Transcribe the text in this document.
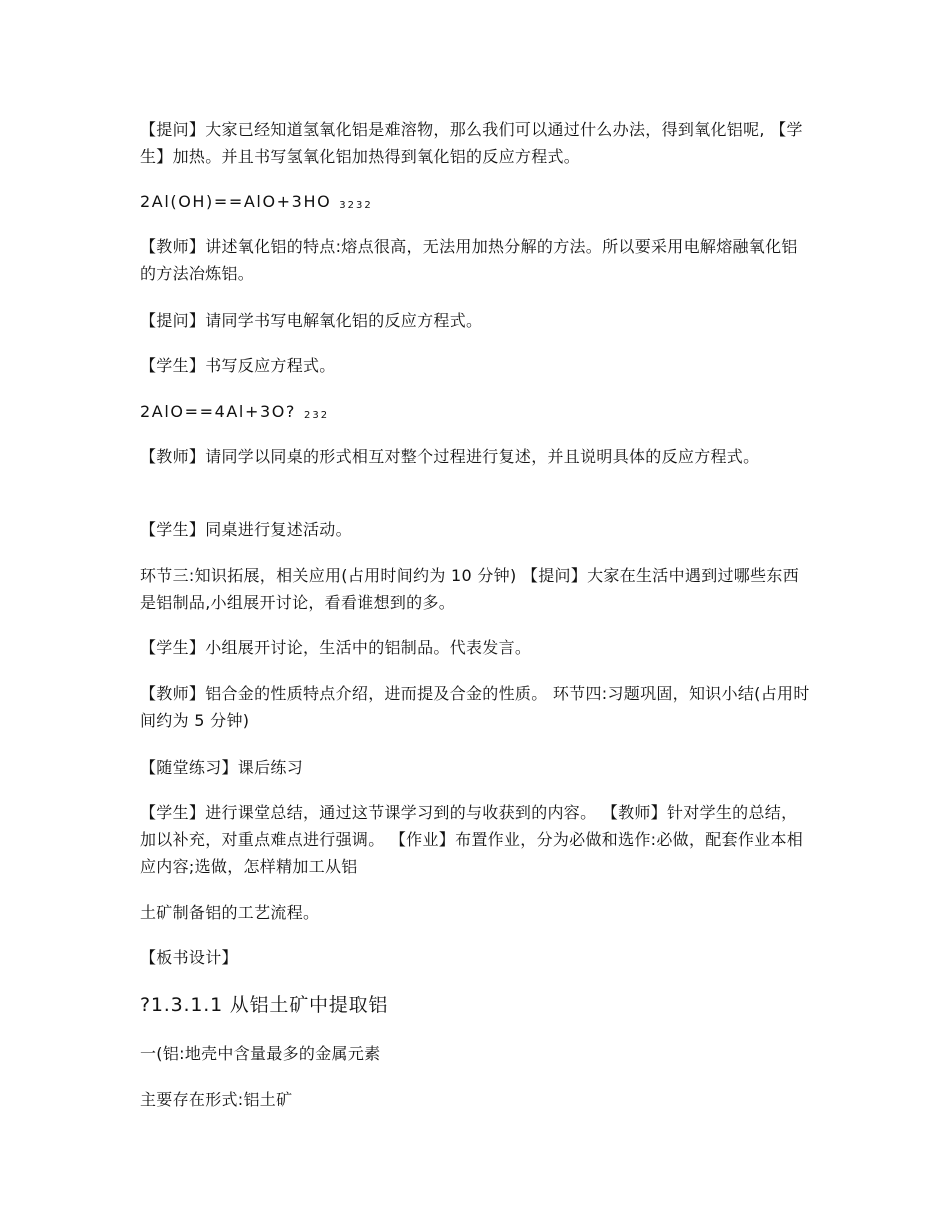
【提问】大家已经知道氢氧化铝是难溶物，那么我们可以通过什么办法，得到氧化铝呢, 【学生】加热。并且书写氢氧化铝加热得到氧化铝的反应方程式。

2Al(OH)==AlO+3HO 3232

【教师】讲述氧化铝的特点:熔点很高，无法用加热分解的方法。所以要采用电解熔融氧化铝的方法冶炼铝。

【提问】请同学书写电解氧化铝的反应方程式。

【学生】书写反应方程式。

2AlO==4Al+3O? 232

【教师】请同学以同桌的形式相互对整个过程进行复述，并且说明具体的反应方程式。

【学生】同桌进行复述活动。

环节三:知识拓展，相关应用(占用时间约为 10 分钟) 【提问】大家在生活中遇到过哪些东西是铝制品,小组展开讨论，看看谁想到的多。

【学生】小组展开讨论，生活中的铝制品。代表发言。

【教师】铝合金的性质特点介绍，进而提及合金的性质。 环节四:习题巩固，知识小结(占用时间约为 5 分钟)

【随堂练习】课后练习

【学生】进行课堂总结，通过这节课学习到的与收获到的内容。 【教师】针对学生的总结，加以补充，对重点难点进行强调。 【作业】布置作业，分为必做和选作:必做，配套作业本相应内容;选做，怎样精加工从铝

土矿制备铝的工艺流程。

【板书设计】

?1.3.1.1 从铝土矿中提取铝

一(铝:地壳中含量最多的金属元素

主要存在形式:铝土矿
